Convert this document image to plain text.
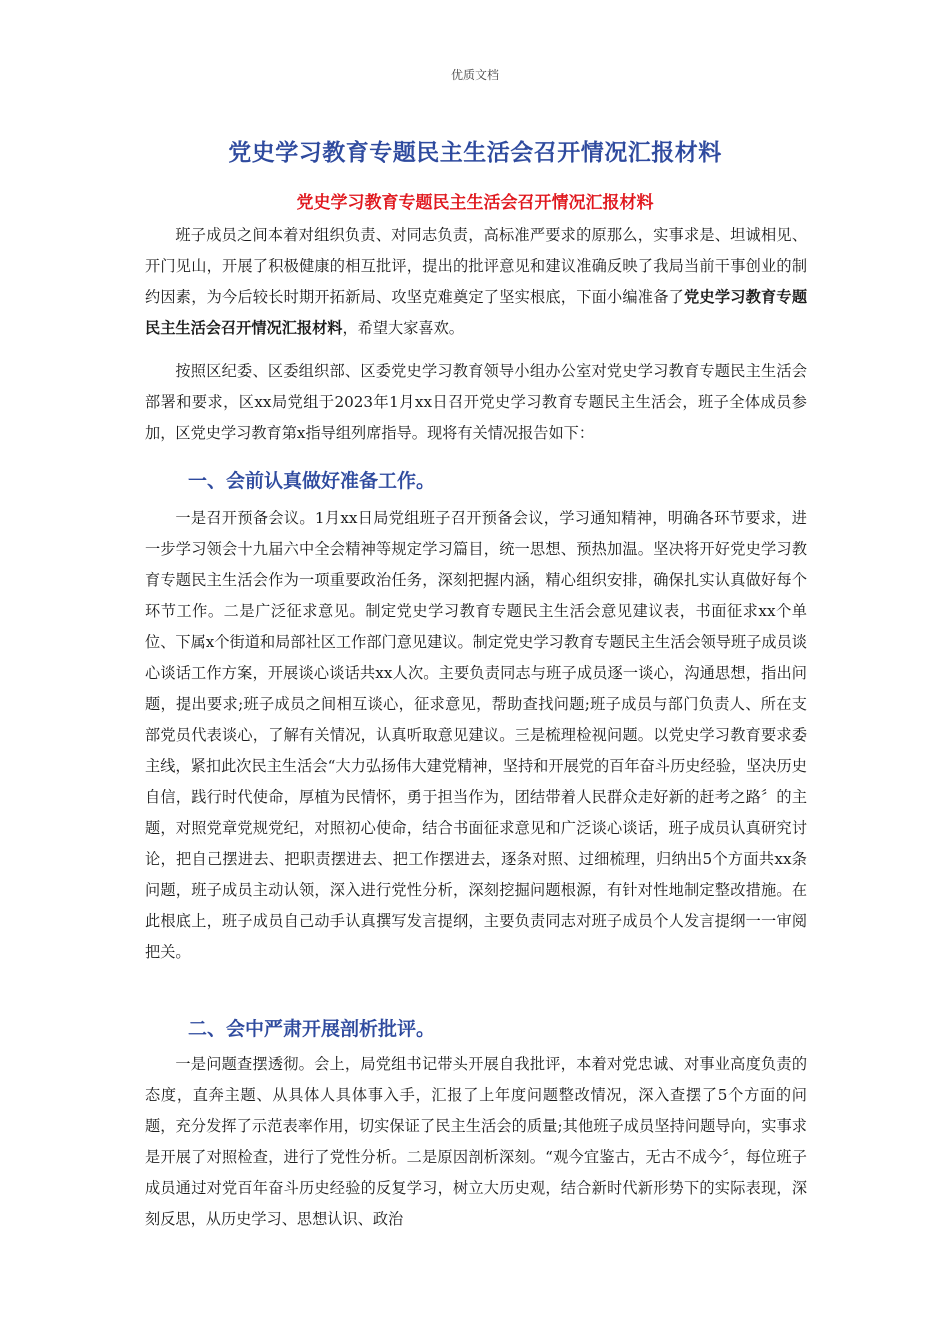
优质文档
党史学习教育专题民主生活会召开情况汇报材料
党史学习教育专题民主生活会召开情况汇报材料

班子成员之间本着对组织负责、对同志负责，高标准严要求的原那么，实事求是、坦诚相见、开门见山，开展了积极健康的相互批评，提出的批评意见和建议准确反映了我局当前干事创业的制约因素，为今后较长时期开拓新局、攻坚克难奠定了坚实根底，下面小编准备了党史学习教育专题民主生活会召开情况汇报材料，希望大家喜欢。

按照区纪委、区委组织部、区委党史学习教育领导小组办公室对党史学习教育专题民主生活会部署和要求，区xx局党组于2023年1月xx日召开党史学习教育专题民主生活会，班子全体成员参加，区党史学习教育第x指导组列席指导。现将有关情况报告如下：

一、会前认真做好准备工作。

一是召开预备会议。1月xx日局党组班子召开预备会议，学习通知精神，明确各环节要求，进一步学习领会十九届六中全会精神等规定学习篇目，统一思想、预热加温。坚决将开好党史学习教育专题民主生活会作为一项重要政治任务，深刻把握内涵，精心组织安排，确保扎实认真做好每个环节工作。二是广泛征求意见。制定党史学习教育专题民主生活会意见建议表，书面征求xx个单位、下属x个街道和局部社区工作部门意见建议。制定党史学习教育专题民主生活会领导班子成员谈心谈话工作方案，开展谈心谈话共xx人次。主要负责同志与班子成员逐一谈心，沟通思想，指出问题，提出要求;班子成员之间相互谈心，征求意见，帮助查找问题;班子成员与部门负责人、所在支部党员代表谈心，了解有关情况，认真听取意见建议。三是梳理检视问题。以党史学习教育要求委主线，紧扣此次民主生活会“大力弘扬伟大建党精神，坚持和开展党的百年奋斗历史经验，坚决历史自信，践行时代使命，厚植为民情怀，勇于担当作为，团结带着人民群众走好新的赶考之路〞的主题，对照党章党规党纪，对照初心使命，结合书面征求意见和广泛谈心谈话，班子成员认真研究讨论，把自己摆进去、把职责摆进去、把工作摆进去，逐条对照、过细梳理，归纳出5个方面共xx条问题，班子成员主动认领，深入进行党性分析，深刻挖掘问题根源，有针对性地制定整改措施。在此根底上，班子成员自己动手认真撰写发言提纲，主要负责同志对班子成员个人发言提纲一一审阅把关。

二、会中严肃开展剖析批评。

一是问题查摆透彻。会上，局党组书记带头开展自我批评，本着对党忠诚、对事业高度负责的态度，直奔主题、从具体人具体事入手，汇报了上年度问题整改情况，深入查摆了5个方面的问题，充分发挥了示范表率作用，切实保证了民主生活会的质量;其他班子成员坚持问题导向，实事求是开展了对照检查，进行了党性分析。二是原因剖析深刻。“观今宜鉴古，无古不成今〞，每位班子成员通过对党百年奋斗历史经验的反复学习，树立大历史观，结合新时代新形势下的实际表现，深刻反思，从历史学习、思想认识、政治
